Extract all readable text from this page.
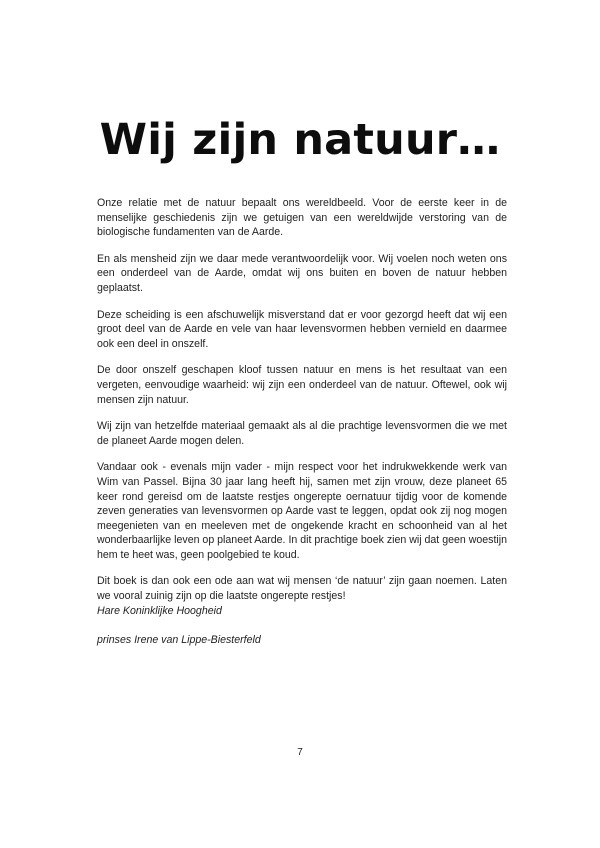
Wij zijn natuur…

Onze relatie met de natuur bepaalt ons wereldbeeld. Voor de eerste keer in de menselijke geschiedenis zijn we getuigen van een wereldwijde verstoring van de biologische fundamenten van de Aarde.

En als mensheid zijn we daar mede verantwoordelijk voor. Wij voelen noch weten ons een onderdeel van de Aarde, omdat wij ons buiten en boven de natuur hebben geplaatst.

Deze scheiding is een afschuwelijk misverstand dat er voor gezorgd heeft dat wij een groot deel van de Aarde en vele van haar levensvormen hebben vernield en daarmee ook een deel in onszelf.

De door onszelf geschapen kloof tussen natuur en mens is het resultaat van een vergeten, eenvoudige waarheid: wij zijn een onderdeel van de natuur. Oftewel, ook wij mensen zijn natuur.

Wij zijn van hetzelfde materiaal gemaakt als al die prachtige levensvormen die we met de planeet Aarde mogen delen.

Vandaar ook - evenals mijn vader - mijn respect voor het indrukwekkende werk van Wim van Passel. Bijna 30 jaar lang heeft hij, samen met zijn vrouw, deze planeet 65 keer rond gereisd om de laatste restjes ongerepte oernatuur tijdig voor de komende zeven generaties van levensvormen op Aarde vast te leggen, opdat ook zij nog mogen meegenieten van en meeleven met de ongekende kracht en schoonheid van al het wonderbaarlijke leven op planeet Aarde. In dit prachtige boek zien wij dat geen woestijn hem te heet was, geen poolgebied te koud.

Dit boek is dan ook een ode aan wat wij mensen ‘de natuur’ zijn gaan noemen. Laten we vooral zuinig zijn op die laatste ongerepte restjes!

Hare Koninklijke Hoogheid

prinses Irene van Lippe-Biesterfeld

7
